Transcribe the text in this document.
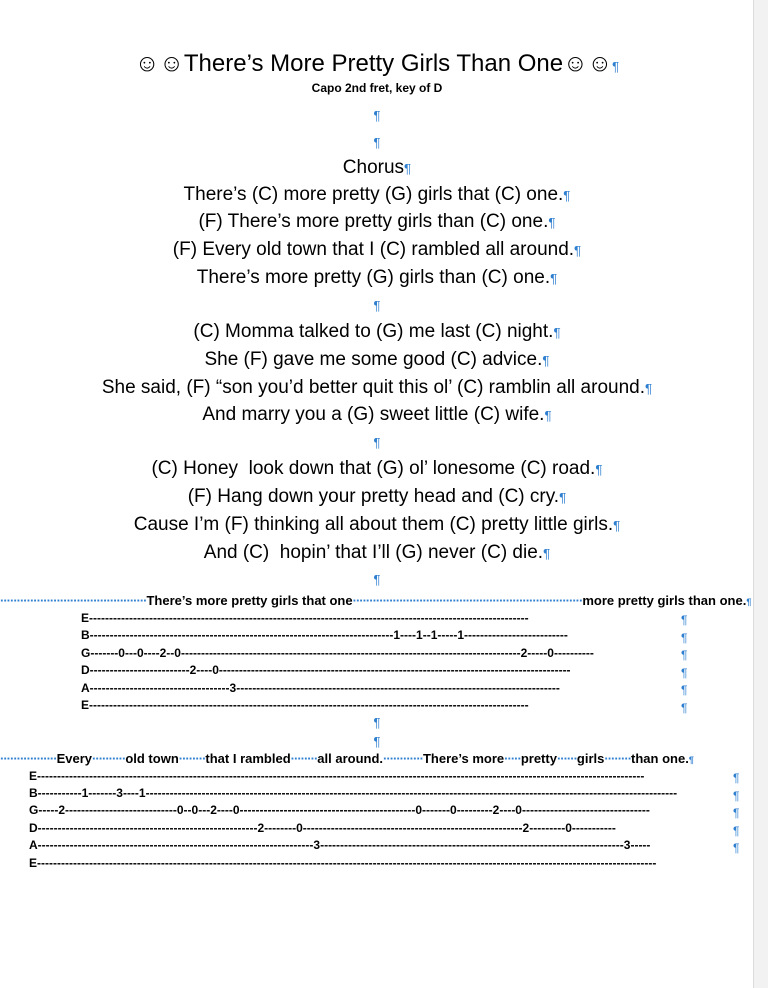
☺☺There’s More Pretty Girls Than One☺☺¶
Capo 2nd fret, key of D
¶
¶
Chorus¶
There’s (C) more pretty (G) girls that (C) one.¶
(F) There’s more pretty girls than (C) one.¶
(F) Every old town that I (C) rambled all around.¶
There’s more pretty (G) girls than (C) one.¶
¶
(C) Momma talked to (G) me last (C) night.¶
She (F) gave me some good (C) advice.¶
She said, (F) “son you’d better quit this ol’ (C) ramblin all around.¶
And marry you a (G) sweet little (C) wife.¶
¶
(C) Honey  look down that (G) ol’ lonesome (C) road.¶
(F) Hang down your pretty head and (C) cry.¶
Cause I’m (F) thinking all about them (C) pretty little girls.¶
And (C)  hopin’ that I’ll (G) never (C) die.¶
¶
············································There’s more pretty girls that one·····································································more pretty girls than one.¶
E--------------------------------------------------------------------------------------------------------------
B----------------------------------------------------------------------------1----1--1-----1--------------------------
G-------0---0----2--0-------------------------------------------------------------------------------------2-----0----------
D-------------------------2----0----------------------------------------------------------------------------------------
A-----------------------------------3---------------------------------------------------------------------------------
E--------------------------------------------------------------------------------------------------------------
¶
¶
¶
¶
¶
¶
¶
¶
·················Every··········old town········that I rambled········all around.············There’s more·····pretty······girls········than one.¶
E--------------------------------------------------------------------------------------------------------------------------------------------------------
B-----------1-------3----1-------------------------------------------------------------------------------------------------------------------------------------
G-----2----------------------------0--0---2----0--------------------------------------------0-------0---------2----0--------------------------------
D-------------------------------------------------------2--------0-------------------------------------------------------2---------0-----------
A---------------------------------------------------------------------3----------------------------------------------------------------------------3-----
E-----------------------------------------------------------------------------------------------------------------------------------------------------------
¶
¶
¶
¶
¶
